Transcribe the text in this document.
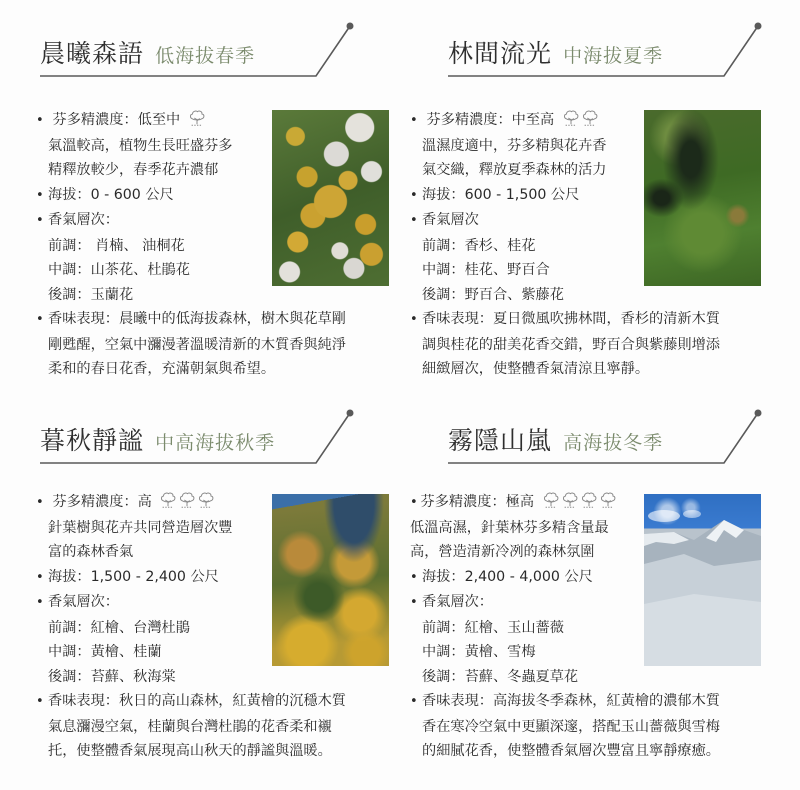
晨曦森語 低海拔春季
• 芬多精濃度：低至中
氣溫較高，植物生長旺盛芬多
精釋放較少，春季花卉濃郁
• 海拔：0 - 600 公尺
• 香氣層次：
前調： 肖楠、 油桐花
中調：山茶花、杜鵑花
後調：玉蘭花
• 香味表現：晨曦中的低海拔森林，樹木與花草剛
剛甦醒，空氣中瀰漫著溫暖清新的木質香與純淨
柔和的春日花香，充滿朝氣與希望。
林間流光 中海拔夏季
• 芬多精濃度：中至高
溫濕度適中，芬多精與花卉香
氣交織，釋放夏季森林的活力
• 海拔：600 - 1,500 公尺
• 香氣層次
前調：香杉、桂花
中調：桂花、野百合
後調：野百合、紫藤花
• 香味表現：夏日微風吹拂林間，香杉的清新木質
調與桂花的甜美花香交錯，野百合與紫藤則增添
細緻層次，使整體香氣清涼且寧靜。
暮秋靜謐 中高海拔秋季
• 芬多精濃度：高
針葉樹與花卉共同營造層次豐
富的森林香氣
• 海拔：1,500 - 2,400 公尺
• 香氣層次：
前調：紅檜、台灣杜鵑
中調：黃檜、桂蘭
後調：苔蘚、秋海棠
• 香味表現：秋日的高山森林，紅黃檜的沉穩木質
氣息瀰漫空氣，桂蘭與台灣杜鵑的花香柔和襯
托，使整體香氣展現高山秋天的靜謐與溫暖。
霧隱山嵐 高海拔冬季
• 芬多精濃度：極高
低溫高濕，針葉林芬多精含量最
高，營造清新冷冽的森林氛圍
• 海拔：2,400 - 4,000 公尺
• 香氣層次：
前調：紅檜、玉山薔薇
中調：黃檜、雪梅
後調：苔蘚、冬蟲夏草花
• 香味表現：高海拔冬季森林，紅黃檜的濃郁木質
香在寒冷空氣中更顯深邃，搭配玉山薔薇與雪梅
的細膩花香，使整體香氣層次豐富且寧靜療癒。
